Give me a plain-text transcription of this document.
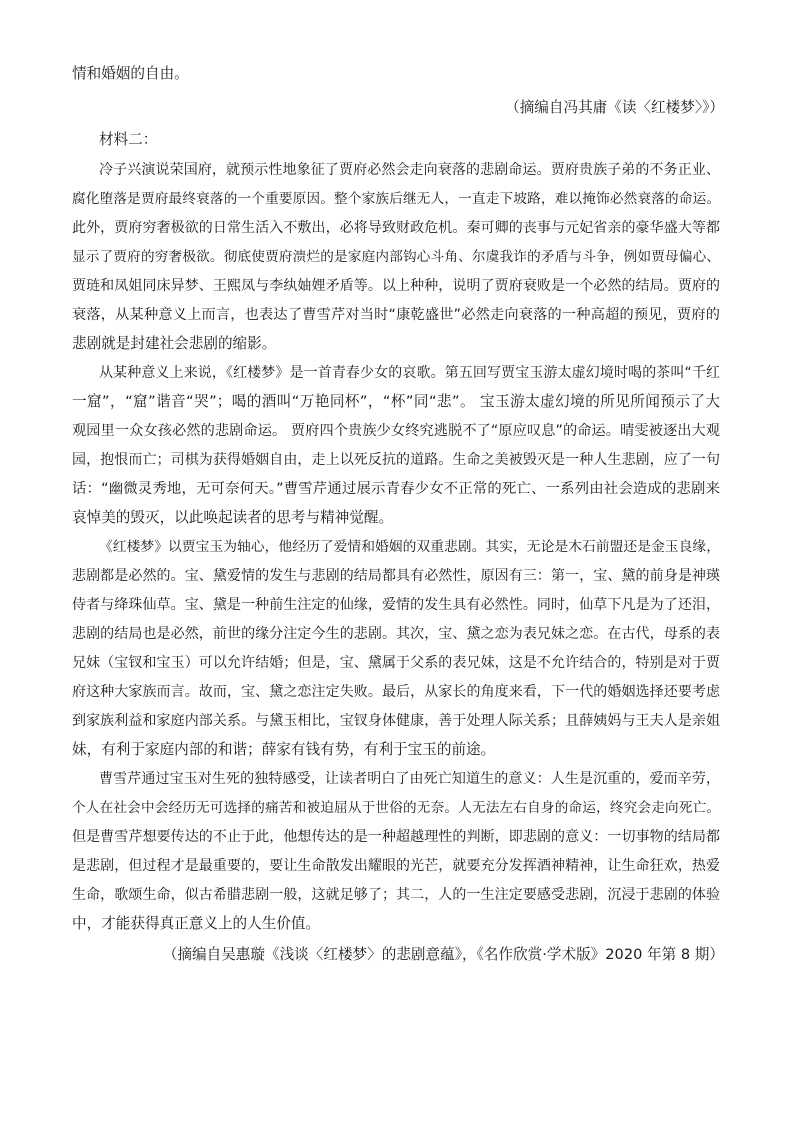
情和婚姻的自由。
（摘编自冯其庸《读〈红楼梦〉》）
材料二：
冷子兴演说荣国府，就预示性地象征了贾府必然会走向衰落的悲剧命运。贾府贵族子弟的不务正业、
腐化堕落是贾府最终衰落的一个重要原因。整个家族后继无人，一直走下坡路，难以掩饰必然衰落的命运。
此外，贾府穷奢极欲的日常生活入不敷出，必将导致财政危机。秦可卿的丧事与元妃省亲的豪华盛大等都
显示了贾府的穷奢极欲。彻底使贾府溃烂的是家庭内部钩心斗角、尔虞我诈的矛盾与斗争，例如贾母偏心、
贾琏和凤姐同床异梦、王熙凤与李纨妯娌矛盾等。以上种种，说明了贾府衰败是一个必然的结局。贾府的
衰落，从某种意义上而言，也表达了曹雪芹对当时“康乾盛世”必然走向衰落的一种高超的预见，贾府的
悲剧就是封建社会悲剧的缩影。
从某种意义上来说，《红楼梦》是一首青春少女的哀歌。第五回写贾宝玉游太虚幻境时喝的茶叫“千红
一窟”，“窟”谐音“哭”；喝的酒叫“万艳同杯”，“杯”同“悲”。 宝玉游太虚幻境的所见所闻预示了大
观园里一众女孩必然的悲剧命运。 贾府四个贵族少女终究逃脱不了“原应叹息”的命运。晴雯被逐出大观
园，抱恨而亡；司棋为获得婚姻自由，走上以死反抗的道路。生命之美被毁灭是一种人生悲剧，应了一句
话：“幽微灵秀地，无可奈何天。”曹雪芹通过展示青春少女不正常的死亡、一系列由社会造成的悲剧来
哀悼美的毁灭，以此唤起读者的思考与精神觉醒。
《红楼梦》以贾宝玉为轴心，他经历了爱情和婚姻的双重悲剧。其实，无论是木石前盟还是金玉良缘，
悲剧都是必然的。宝、黛爱情的发生与悲剧的结局都具有必然性，原因有三：第一，宝、黛的前身是神瑛
侍者与绛珠仙草。宝、黛是一种前生注定的仙缘，爱情的发生具有必然性。同时，仙草下凡是为了还泪，
悲剧的结局也是必然，前世的缘分注定今生的悲剧。其次，宝、黛之恋为表兄妹之恋。在古代，母系的表
兄妹（宝钗和宝玉）可以允许结婚；但是，宝、黛属于父系的表兄妹，这是不允许结合的，特别是对于贾
府这种大家族而言。故而，宝、黛之恋注定失败。最后，从家长的角度来看，下一代的婚姻选择还要考虑
到家族利益和家庭内部关系。与黛玉相比，宝钗身体健康，善于处理人际关系；且薛姨妈与王夫人是亲姐
妹，有利于家庭内部的和谐；薛家有钱有势，有利于宝玉的前途。
曹雪芹通过宝玉对生死的独特感受，让读者明白了由死亡知道生的意义：人生是沉重的，爱而辛劳，
个人在社会中会经历无可选择的痛苦和被迫屈从于世俗的无奈。人无法左右自身的命运，终究会走向死亡。
但是曹雪芹想要传达的不止于此，他想传达的是一种超越理性的判断，即悲剧的意义：一切事物的结局都
是悲剧，但过程才是最重要的，要让生命散发出耀眼的光芒，就要充分发挥酒神精神，让生命狂欢，热爱
生命，歌颂生命，似古希腊悲剧一般，这就足够了；其二，人的一生注定要感受悲剧，沉浸于悲剧的体验
中，才能获得真正意义上的人生价值。
（摘编自吴惠璇《浅谈〈红楼梦〉的悲剧意蕴》，《名作欣赏·学术版》2020 年第 8 期）
